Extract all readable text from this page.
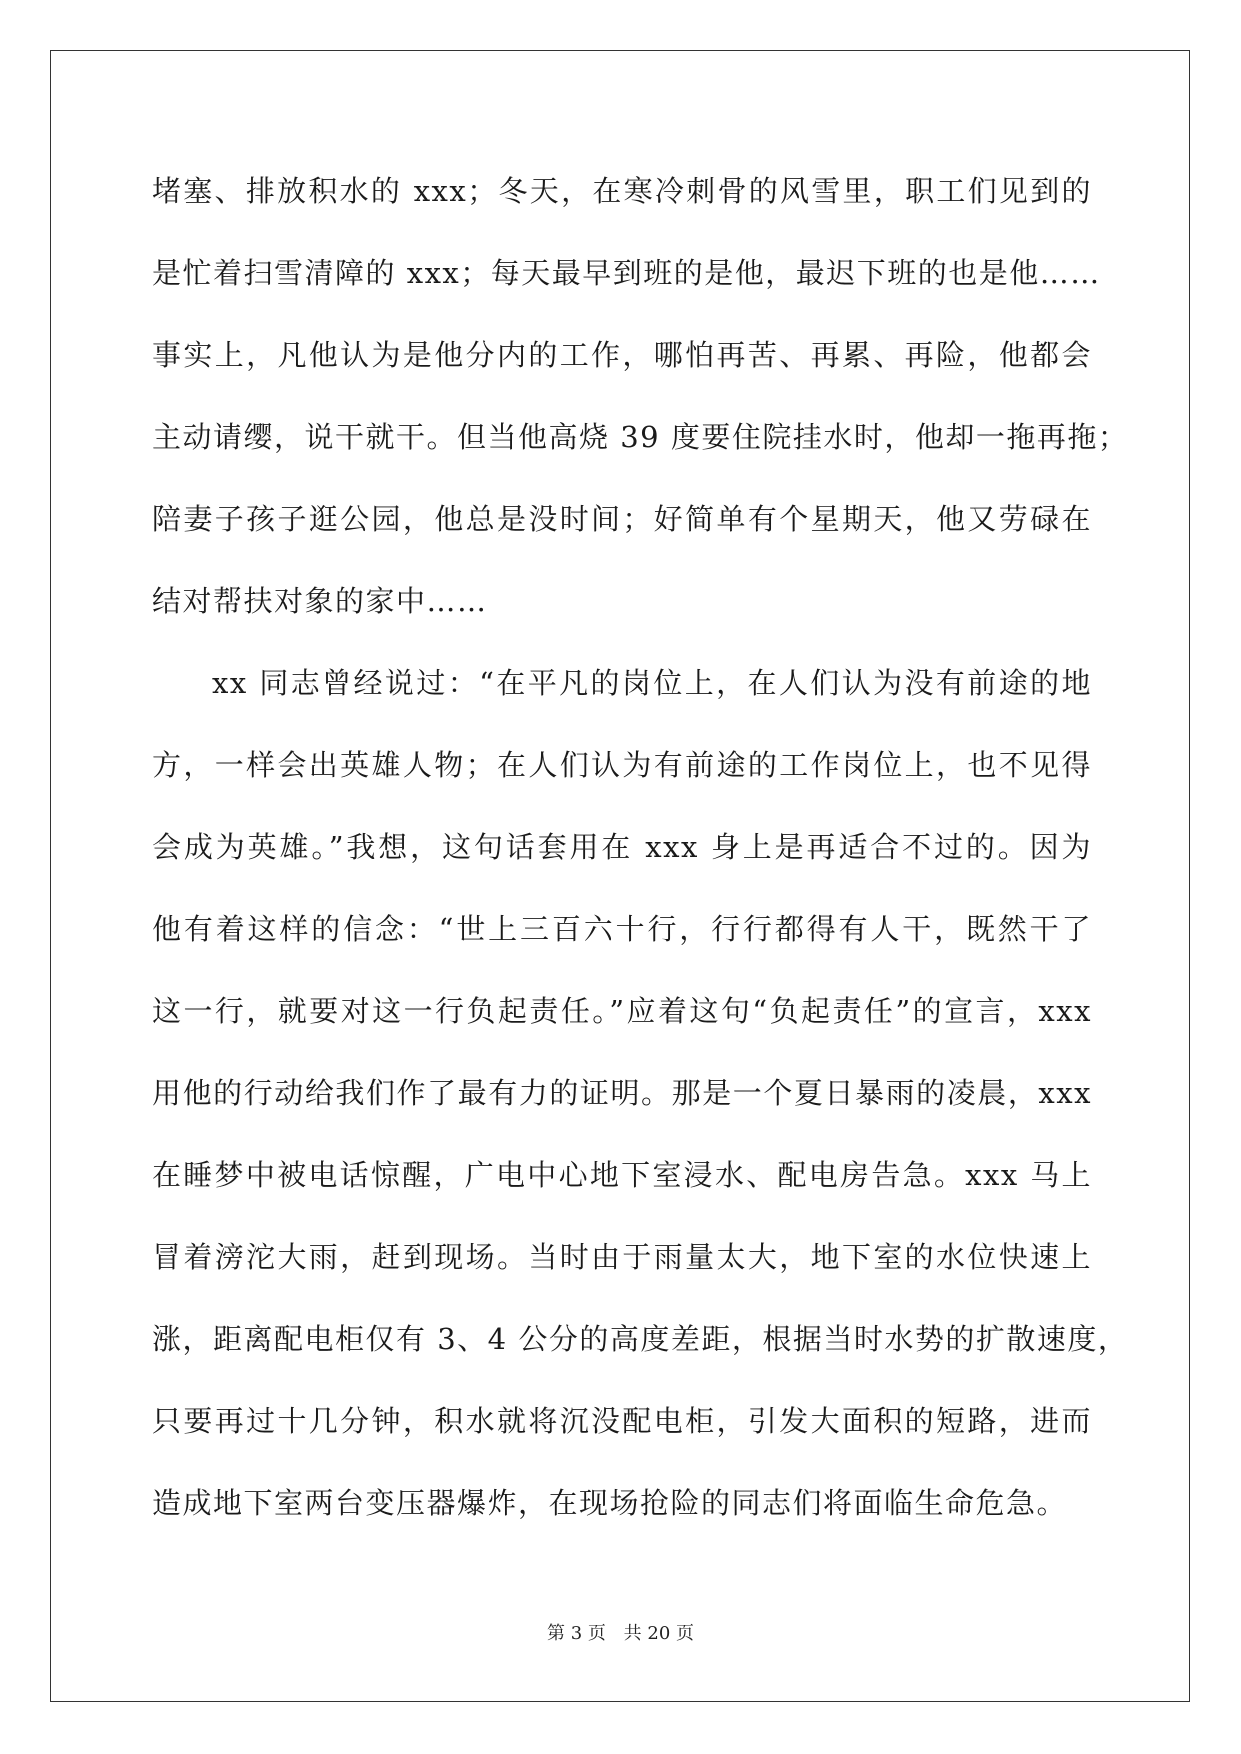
堵塞、排放积水的 xxx；冬天，在寒冷刺骨的风雪里，职工们见到的
是忙着扫雪清障的 xxx；每天最早到班的是他，最迟下班的也是他……
事实上，凡他认为是他分内的工作，哪怕再苦、再累、再险，他都会
主动请缨，说干就干。但当他高烧 39 度要住院挂水时，他却一拖再拖；
陪妻子孩子逛公园，他总是没时间；好简单有个星期天，他又劳碌在
结对帮扶对象的家中……
xx 同志曾经说过：“在平凡的岗位上，在人们认为没有前途的地
方，一样会出英雄人物；在人们认为有前途的工作岗位上，也不见得
会成为英雄。”我想，这句话套用在 xxx 身上是再适合不过的。因为
他有着这样的信念：“世上三百六十行，行行都得有人干，既然干了
这一行，就要对这一行负起责任。”应着这句“负起责任”的宣言，xxx
用他的行动给我们作了最有力的证明。那是一个夏日暴雨的凌晨，xxx
在睡梦中被电话惊醒，广电中心地下室浸水、配电房告急。xxx 马上
冒着滂沱大雨，赶到现场。当时由于雨量太大，地下室的水位快速上
涨，距离配电柜仅有 3、4 公分的高度差距，根据当时水势的扩散速度，
只要再过十几分钟，积水就将沉没配电柜，引发大面积的短路，进而
造成地下室两台变压器爆炸，在现场抢险的同志们将面临生命危急。
第 3 页 共 20 页
